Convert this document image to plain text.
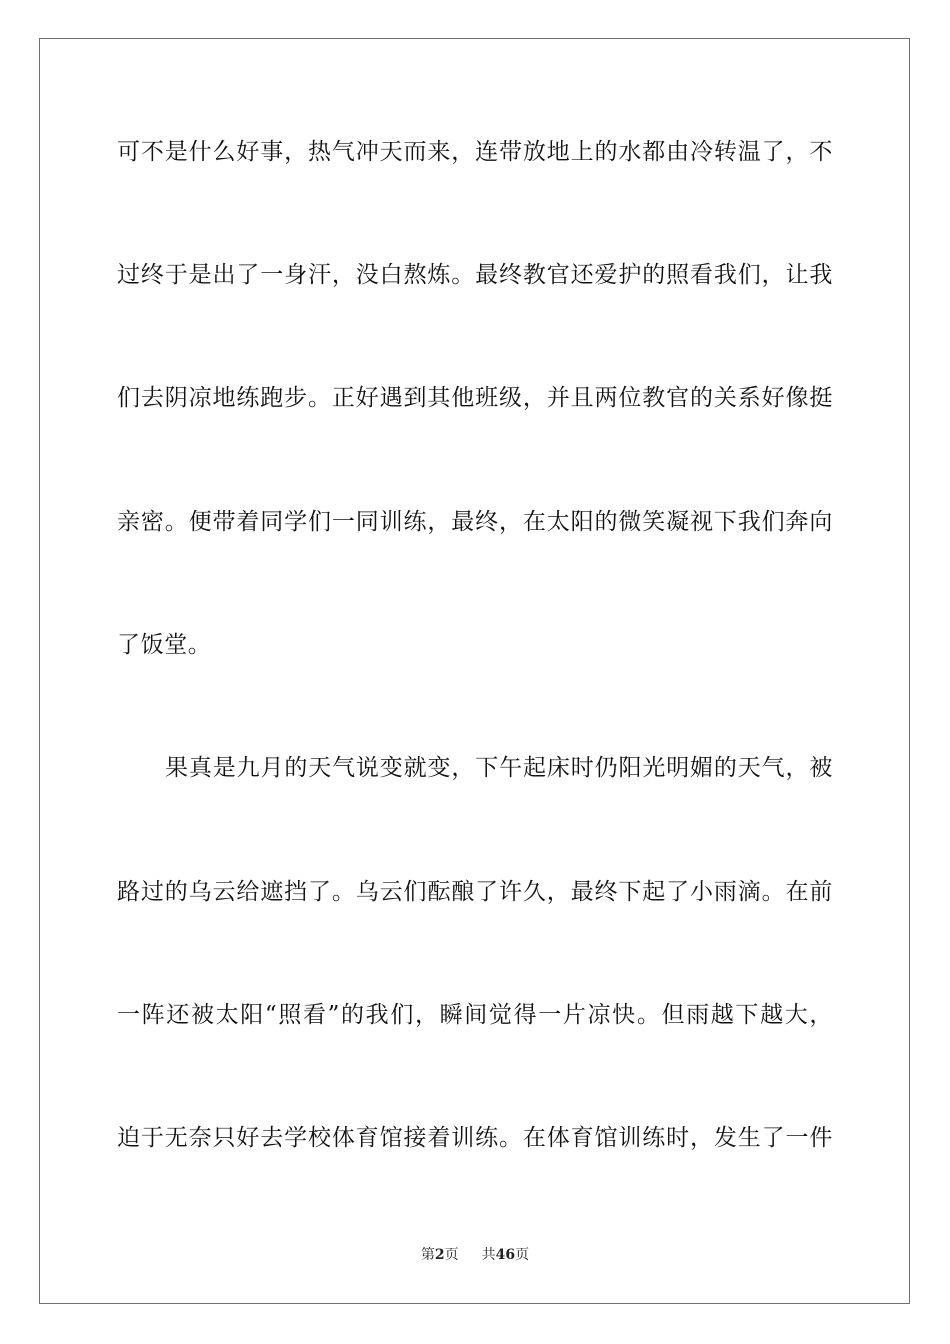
可不是什么好事，热气冲天而来，连带放地上的水都由冷转温了，不
过终于是出了一身汗，没白熬炼。最终教官还爱护的照看我们，让我
们去阴凉地练跑步。正好遇到其他班级，并且两位教官的关系好像挺
亲密。便带着同学们一同训练，最终，在太阳的微笑凝视下我们奔向
了饭堂。
果真是九月的天气说变就变，下午起床时仍阳光明媚的天气，被
路过的乌云给遮挡了。乌云们酝酿了许久，最终下起了小雨滴。在前
一阵还被太阳“照看”的我们，瞬间觉得一片凉快。但雨越下越大，
迫于无奈只好去学校体育馆接着训练。在体育馆训练时，发生了一件
第2页 共46页
